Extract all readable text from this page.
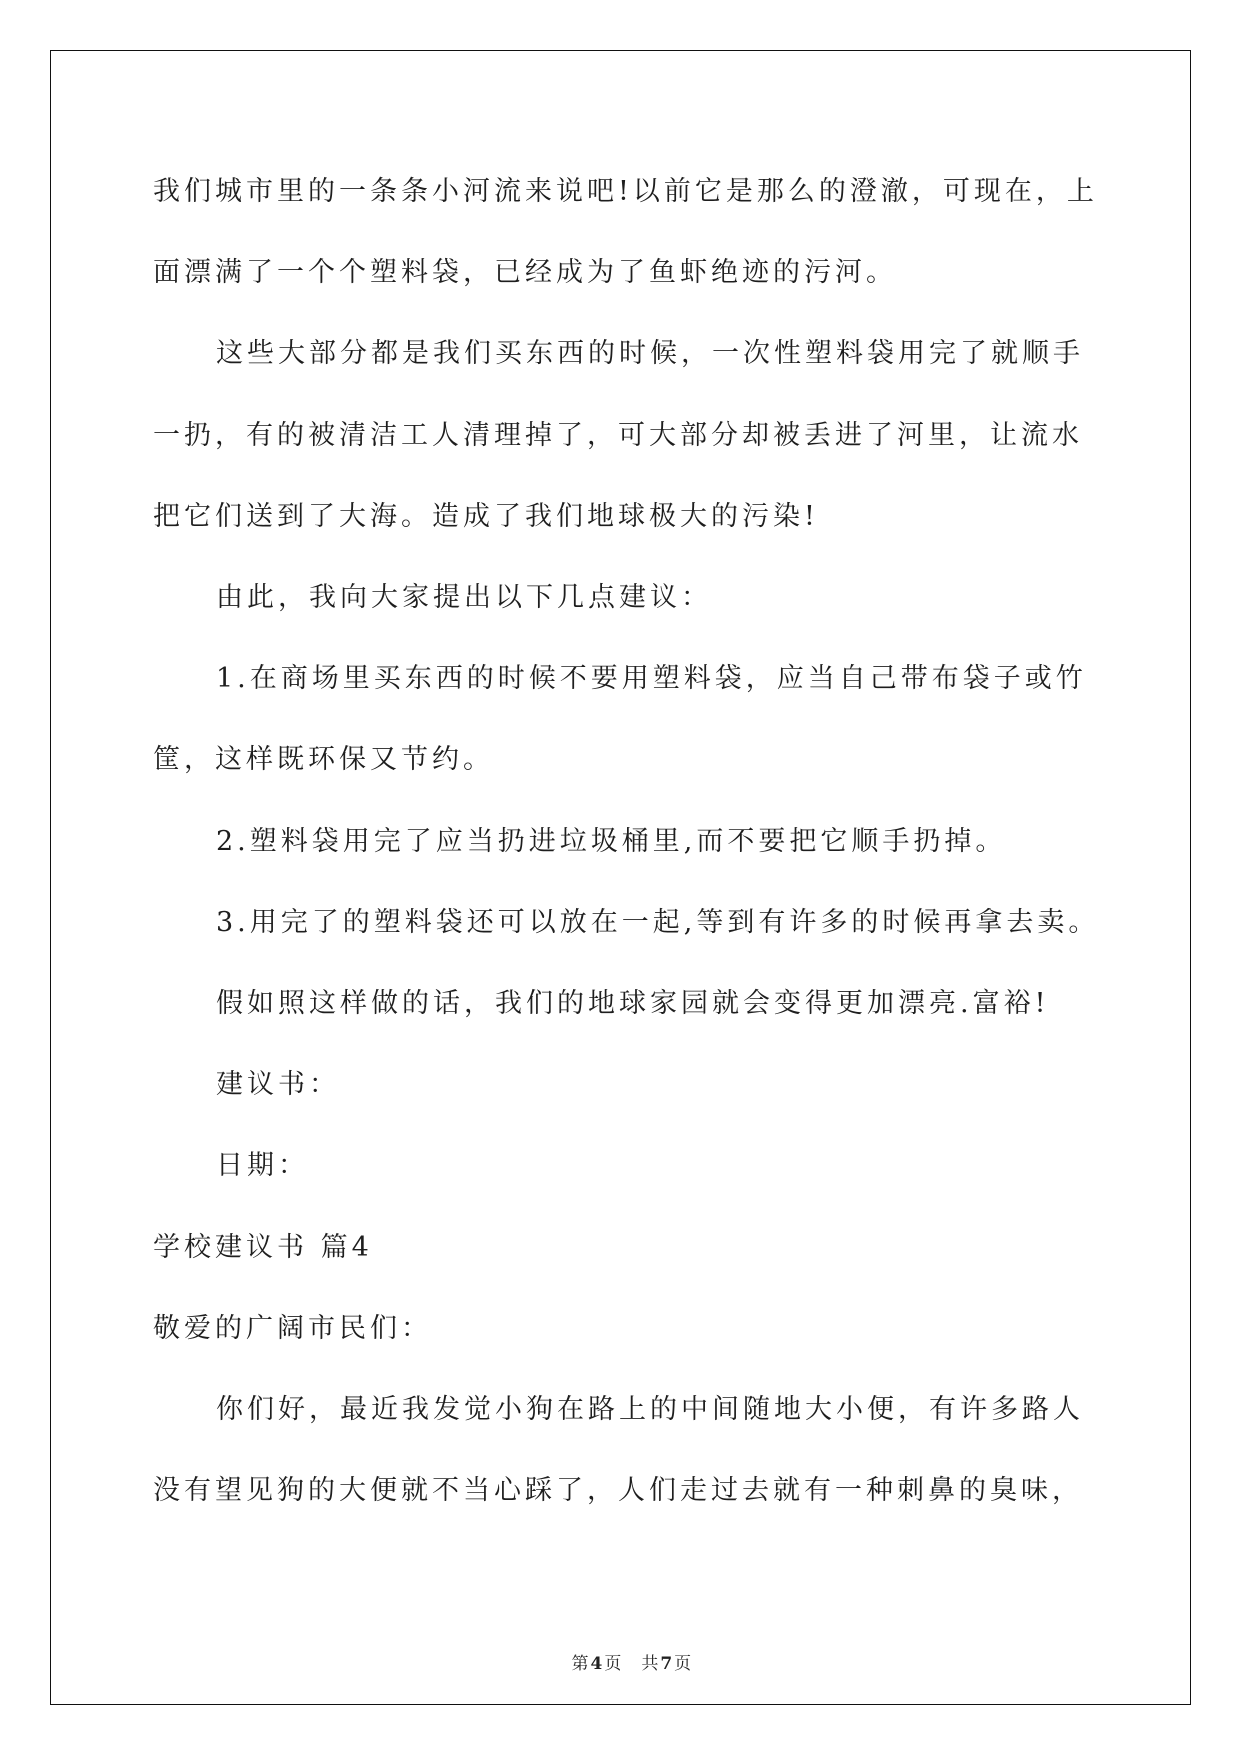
我们城市里的一条条小河流来说吧!以前它是那么的澄澈，可现在，上
面漂满了一个个塑料袋，已经成为了鱼虾绝迹的污河。
这些大部分都是我们买东西的时候，一次性塑料袋用完了就顺手
一扔，有的被清洁工人清理掉了，可大部分却被丢进了河里，让流水
把它们送到了大海。造成了我们地球极大的污染!
由此，我向大家提出以下几点建议：
1.在商场里买东西的时候不要用塑料袋，应当自己带布袋子或竹
筐，这样既环保又节约。
2.塑料袋用完了应当扔进垃圾桶里,而不要把它顺手扔掉。
3.用完了的塑料袋还可以放在一起,等到有许多的时候再拿去卖。
假如照这样做的话，我们的地球家园就会变得更加漂亮.富裕!
建议书：
日期：
学校建议书 篇4
敬爱的广阔市民们：
你们好，最近我发觉小狗在路上的中间随地大小便，有许多路人
没有望见狗的大便就不当心踩了，人们走过去就有一种刺鼻的臭味，

第 4 页 共 7 页
